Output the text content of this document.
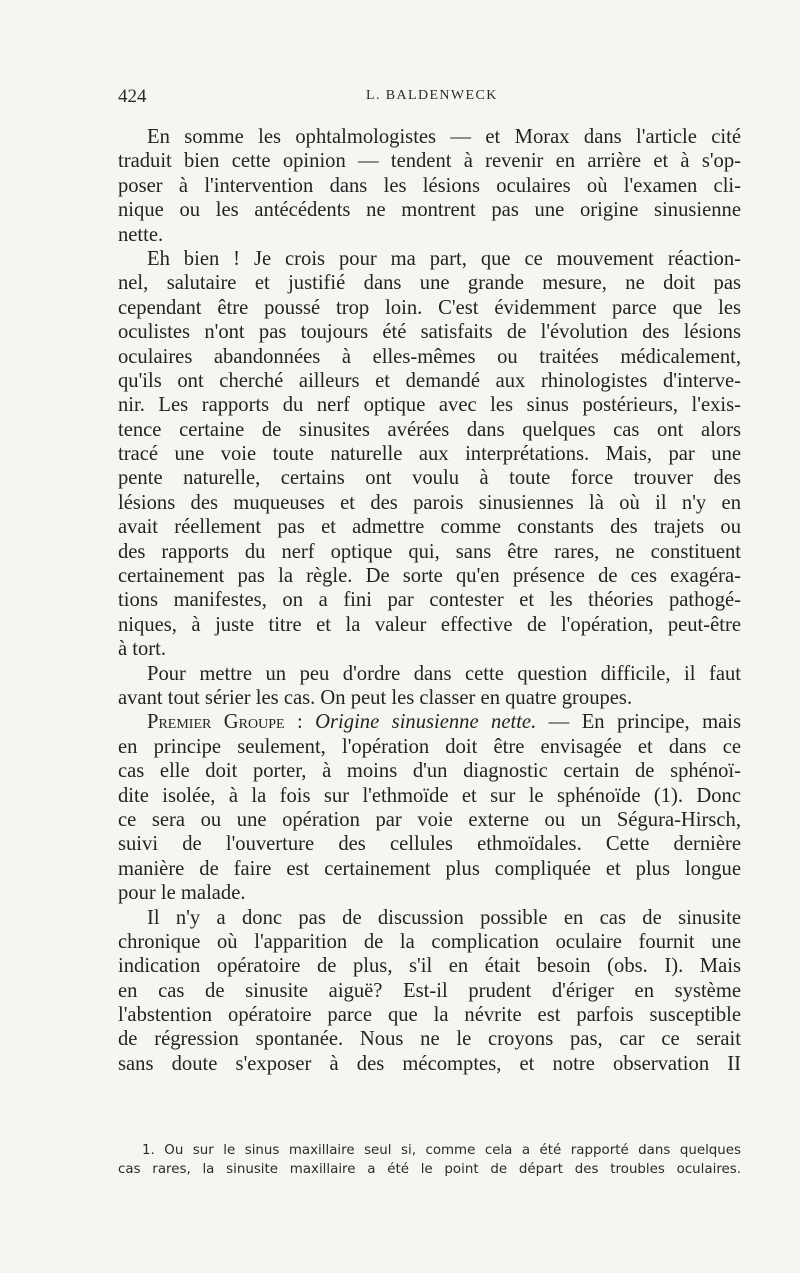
424	L. BALDENWECK
En somme les ophtalmologistes — et Morax dans l'article cité
traduit bien cette opinion — tendent à revenir en arrière et à s'op-
poser à l'intervention dans les lésions oculaires où l'examen cli-
nique ou les antécédents ne montrent pas une origine sinusienne
nette.
Eh bien ! Je crois pour ma part, que ce mouvement réaction-
nel, salutaire et justifié dans une grande mesure, ne doit pas
cependant être poussé trop loin. C'est évidemment parce que les
oculistes n'ont pas toujours été satisfaits de l'évolution des lésions
oculaires abandonnées à elles-mêmes ou traitées médicalement,
qu'ils ont cherché ailleurs et demandé aux rhinologistes d'interve-
nir. Les rapports du nerf optique avec les sinus postérieurs, l'exis-
tence certaine de sinusites avérées dans quelques cas ont alors
tracé une voie toute naturelle aux interprétations. Mais, par une
pente naturelle, certains ont voulu à toute force trouver des
lésions des muqueuses et des parois sinusiennes là où il n'y en
avait réellement pas et admettre comme constants des trajets ou
des rapports du nerf optique qui, sans être rares, ne constituent
certainement pas la règle. De sorte qu'en présence de ces exagéra-
tions manifestes, on a fini par contester et les théories pathogé-
niques, à juste titre et la valeur effective de l'opération, peut-être
à tort.
Pour mettre un peu d'ordre dans cette question difficile, il faut
avant tout sérier les cas. On peut les classer en quatre groupes.
Premier Groupe : Origine sinusienne nette. — En principe, mais
en principe seulement, l'opération doit être envisagée et dans ce
cas elle doit porter, à moins d'un diagnostic certain de sphénoï-
dite isolée, à la fois sur l'ethmoïde et sur le sphénoïde (1). Donc
ce sera ou une opération par voie externe ou un Ségura-Hirsch,
suivi de l'ouverture des cellules ethmoïdales. Cette dernière
manière de faire est certainement plus compliquée et plus longue
pour le malade.
Il n'y a donc pas de discussion possible en cas de sinusite
chronique où l'apparition de la complication oculaire fournit une
indication opératoire de plus, s'il en était besoin (obs. I). Mais
en cas de sinusite aiguë? Est-il prudent d'ériger en système
l'abstention opératoire parce que la névrite est parfois susceptible
de régression spontanée. Nous ne le croyons pas, car ce serait
sans doute s'exposer à des mécomptes, et notre observation II
1. Ou sur le sinus maxillaire seul si, comme cela a été rapporté dans quelques
cas rares, la sinusite maxillaire a été le point de départ des troubles oculaires.
